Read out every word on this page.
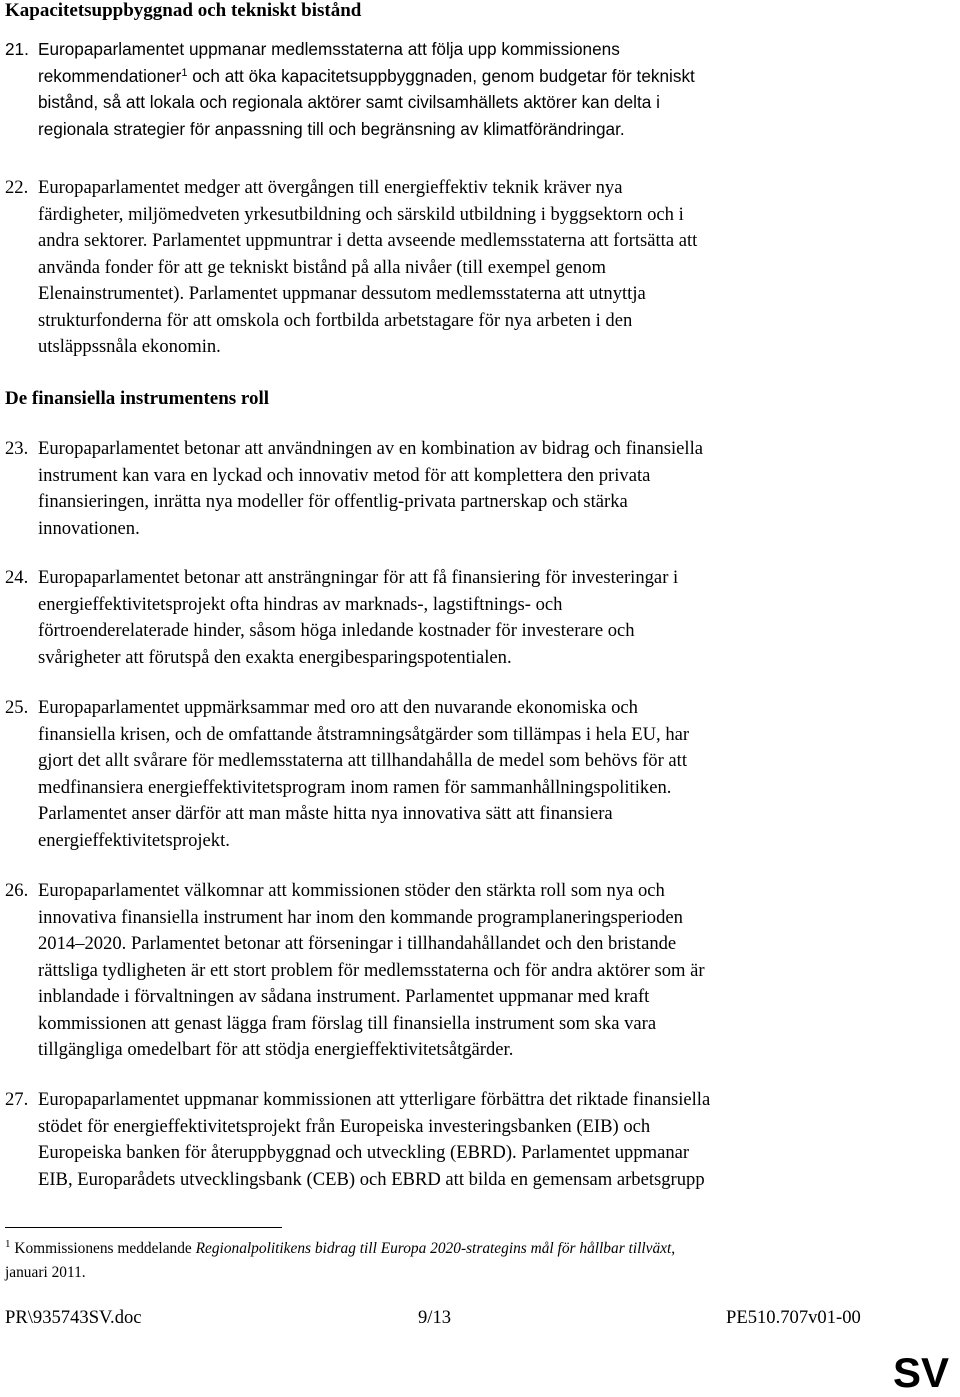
Kapacitetsuppbyggnad och tekniskt bistånd
21. Europaparlamentet uppmanar medlemsstaterna att följa upp kommissionens
rekommendationer$^1$ och att öka kapacitetsuppbyggnaden, genom budgetar för tekniskt
bistånd, så att lokala och regionala aktörer samt civilsamhällets aktörer kan delta i
regionala strategier för anpassning till och begränsning av klimatförändringar.
22. Europaparlamentet medger att övergången till energieffektiv teknik kräver nya
färdigheter, miljömedveten yrkesutbildning och särskild utbildning i byggsektorn och i
andra sektorer. Parlamentet uppmuntrar i detta avseende medlemsstaterna att fortsätta att
använda fonder för att ge tekniskt bistånd på alla nivåer (till exempel genom
Elenainstrumentet). Parlamentet uppmanar dessutom medlemsstaterna att utnyttja
strukturfonderna för att omskola och fortbilda arbetstagare för nya arbeten i den
utsläppssnåla ekonomin.
De finansiella instrumentens roll
23. Europaparlamentet betonar att användningen av en kombination av bidrag och finansiella
instrument kan vara en lyckad och innovativ metod för att komplettera den privata
finansieringen, inrätta nya modeller för offentlig-privata partnerskap och stärka
innovationen.
24. Europaparlamentet betonar att ansträngningar för att få finansiering för investeringar i
energieffektivitetsprojekt ofta hindras av marknads-, lagstiftnings- och
förtroenderelaterade hinder, såsom höga inledande kostnader för investerare och
svårigheter att förutspå den exakta energibesparingspotentialen.
25. Europaparlamentet uppmärksammar med oro att den nuvarande ekonomiska och
finansiella krisen, och de omfattande åtstramningsåtgärder som tillämpas i hela EU, har
gjort det allt svårare för medlemsstaterna att tillhandahålla de medel som behövs för att
medfinansiera energieffektivitetsprogram inom ramen för sammanhållningspolitiken.
Parlamentet anser därför att man måste hitta nya innovativa sätt att finansiera
energieffektivitetsprojekt.
26. Europaparlamentet välkomnar att kommissionen stöder den stärkta roll som nya och
innovativa finansiella instrument har inom den kommande programplaneringsperioden
2014–2020. Parlamentet betonar att förseningar i tillhandahållandet och den bristande
rättsliga tydligheten är ett stort problem för medlemsstaterna och för andra aktörer som är
inblandade i förvaltningen av sådana instrument. Parlamentet uppmanar med kraft
kommissionen att genast lägga fram förslag till finansiella instrument som ska vara
tillgängliga omedelbart för att stödja energieffektivitetsåtgärder.
27. Europaparlamentet uppmanar kommissionen att ytterligare förbättra det riktade finansiella
stödet för energieffektivitetsprojekt från Europeiska investeringsbanken (EIB) och
Europeiska banken för återuppbyggnad och utveckling (EBRD). Parlamentet uppmanar
EIB, Europarådets utvecklingsbank (CEB) och EBRD att bilda en gemensam arbetsgrupp
$^1$ Kommissionens meddelande Regionalpolitikens bidrag till Europa 2020-strategins mål för hållbar tillväxt,
januari 2011.
PR\935743SV.doc	9/13	PE510.707v01-00
SV
